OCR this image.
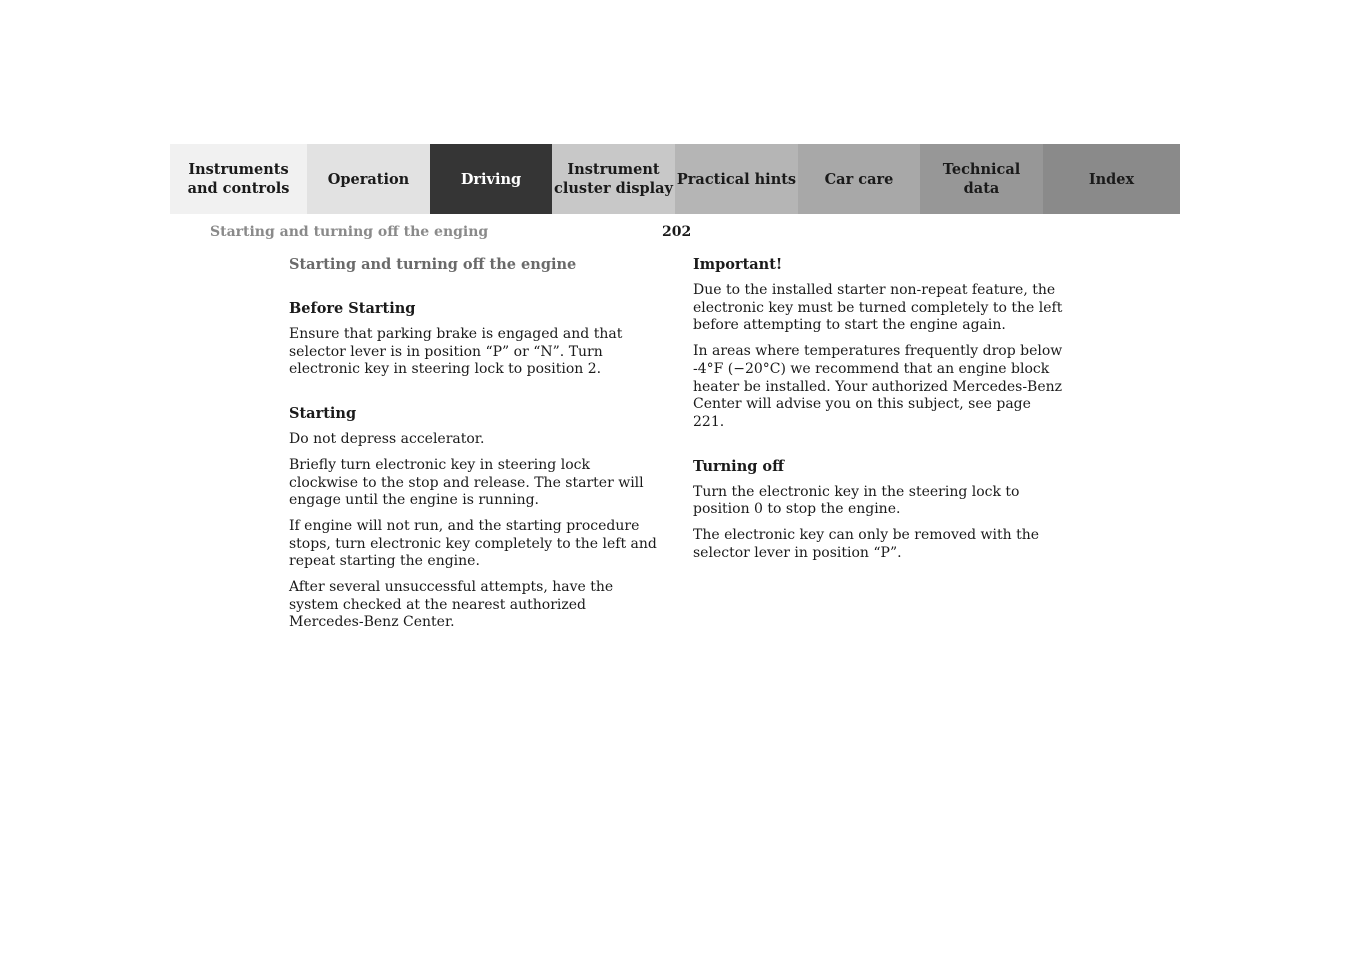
Instruments
and controls
Operation	Driving
Instrument
cluster display
Practical hints	Car care
Technical
data
Index
Starting and turning off the enging	202
Starting and turning off the engine
Before Starting

Ensure that parking brake is engaged and that selector lever is in position “P” or “N”. Turn electronic key in steering lock to position 2.

Starting

Do not depress accelerator.

Briefly turn electronic key in steering lock clockwise to the stop and release. The starter will engage until the engine is running.

If engine will not run, and the starting procedure stops, turn electronic key completely to the left and repeat starting the engine.

After several unsuccessful attempts, have the system checked at the nearest authorized Mercedes-Benz Center.

Important!

Due to the installed starter non-repeat feature, the electronic key must be turned completely to the left before attempting to start the engine again.

In areas where temperatures frequently drop below -4°F (−20°C) we recommend that an engine block heater be installed. Your authorized Mercedes-Benz Center will advise you on this subject, see page 221.

Turning off

Turn the electronic key in the steering lock to position 0 to stop the engine.

The electronic key can only be removed with the selector lever in position “P”.
